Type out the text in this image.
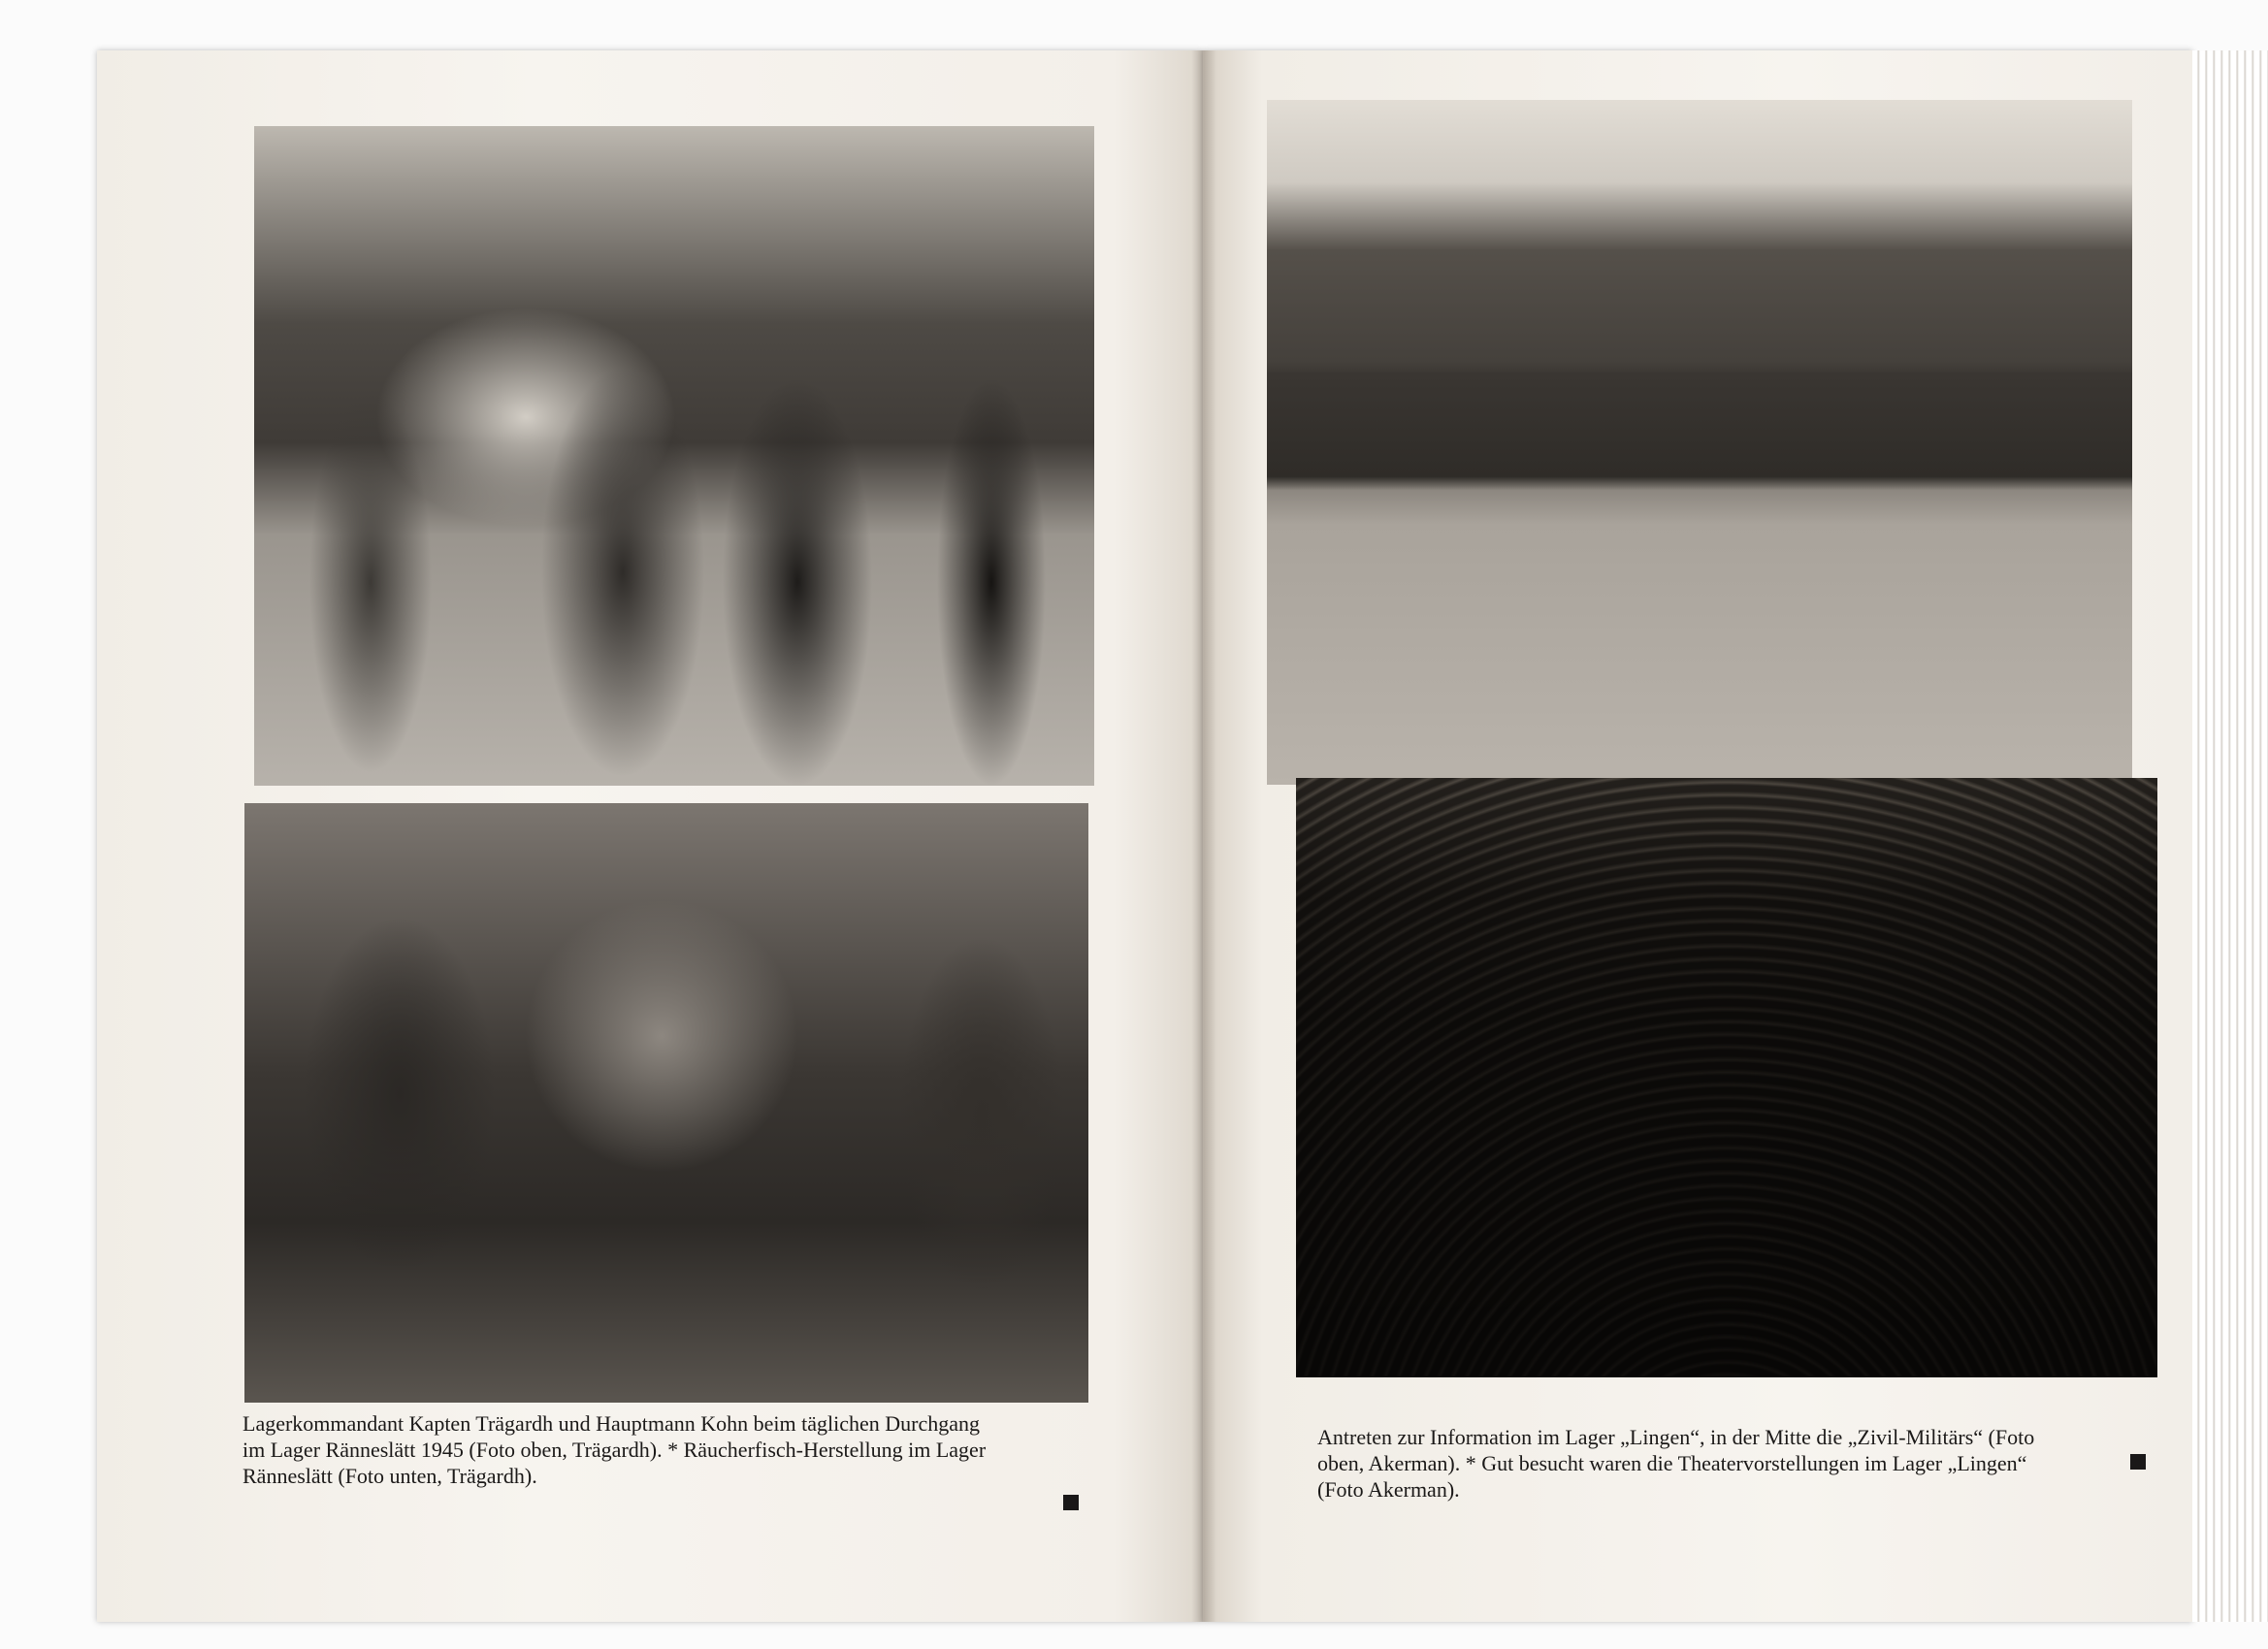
Lagerkommandant Kapten Trägardh und Hauptmann Kohn beim täglichen Durchgang
im Lager Ränneslätt 1945 (Foto oben, Trägardh). * Räucherfisch-Herstellung im Lager
Ränneslätt (Foto unten, Trägardh).
Antreten zur Information im Lager „Lingen“, in der Mitte die „Zivil-Militärs“ (Foto
oben, Akerman). * Gut besucht waren die Theatervorstellungen im Lager „Lingen“
(Foto Akerman).
